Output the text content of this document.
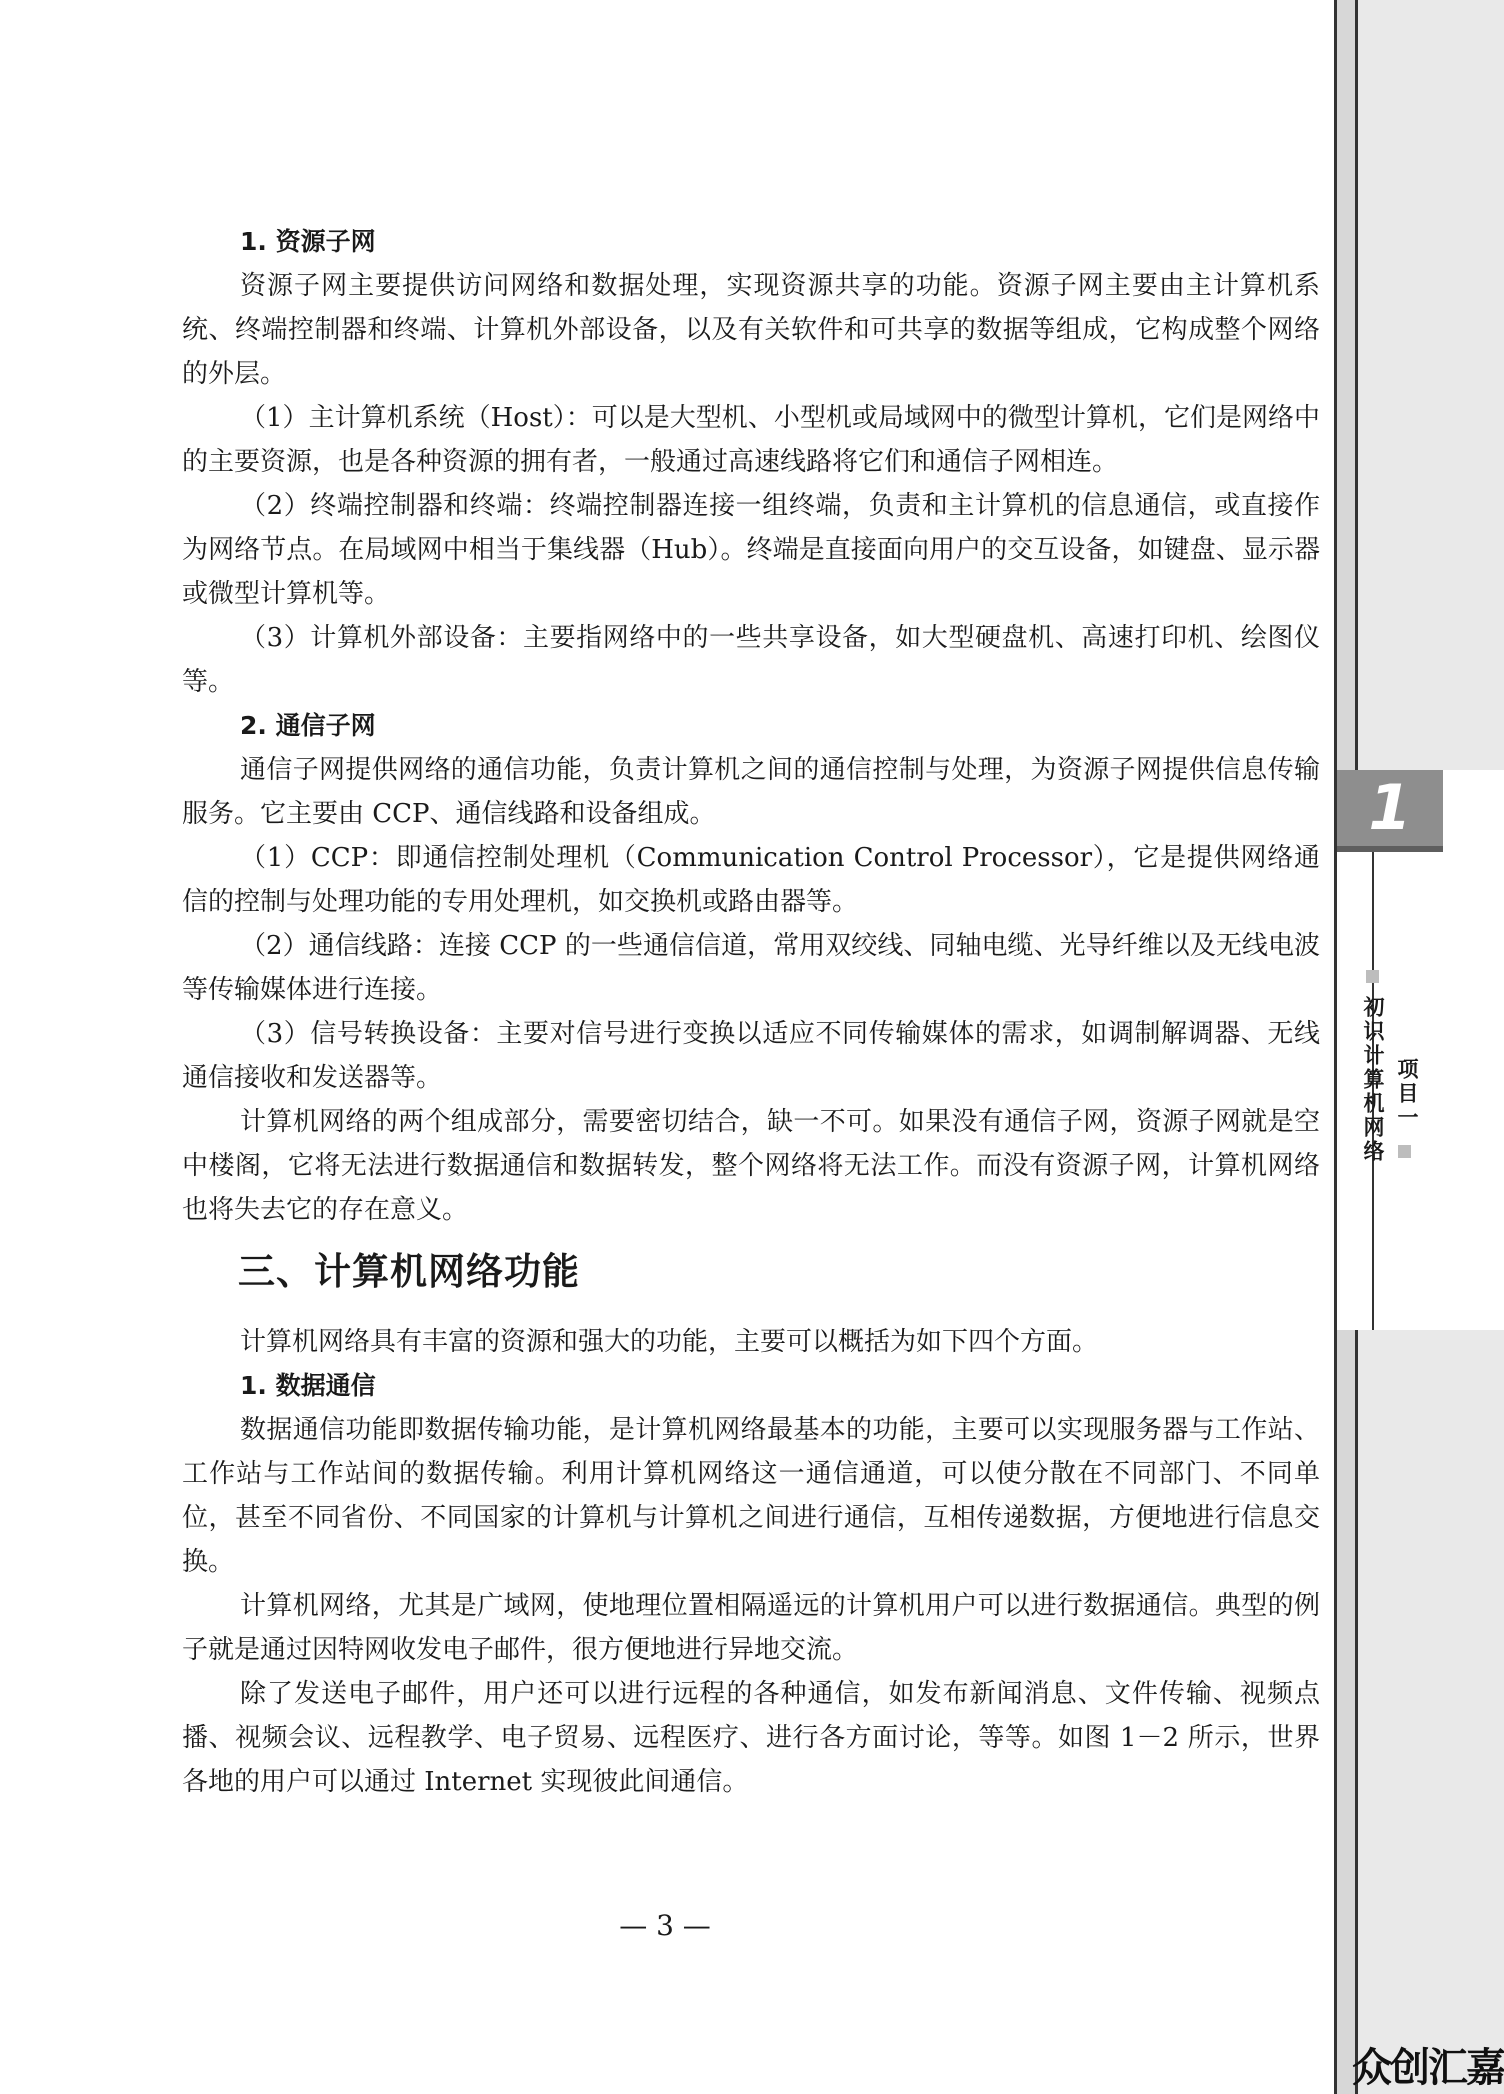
1. 资源子网

资源子网主要提供访问网络和数据处理，实现资源共享的功能。资源子网主要由主计算机系统、终端控制器和终端、计算机外部设备，以及有关软件和可共享的数据等组成，它构成整个网络的外层。

（1）主计算机系统（Host）：可以是大型机、小型机或局域网中的微型计算机，它们是网络中的主要资源，也是各种资源的拥有者，一般通过高速线路将它们和通信子网相连。

（2）终端控制器和终端：终端控制器连接一组终端，负责和主计算机的信息通信，或直接作为网络节点。在局域网中相当于集线器（Hub）。终端是直接面向用户的交互设备，如键盘、显示器或微型计算机等。

（3）计算机外部设备：主要指网络中的一些共享设备，如大型硬盘机、高速打印机、绘图仪等。

2. 通信子网

通信子网提供网络的通信功能，负责计算机之间的通信控制与处理，为资源子网提供信息传输服务。它主要由 CCP、通信线路和设备组成。

（1）CCP：即通信控制处理机（Communication Control Processor），它是提供网络通信的控制与处理功能的专用处理机，如交换机或路由器等。

（2）通信线路：连接 CCP 的一些通信信道，常用双绞线、同轴电缆、光导纤维以及无线电波等传输媒体进行连接。

（3）信号转换设备：主要对信号进行变换以适应不同传输媒体的需求，如调制解调器、无线通信接收和发送器等。

计算机网络的两个组成部分，需要密切结合，缺一不可。如果没有通信子网，资源子网就是空中楼阁，它将无法进行数据通信和数据转发，整个网络将无法工作。而没有资源子网，计算机网络也将失去它的存在意义。

三、计算机网络功能

计算机网络具有丰富的资源和强大的功能，主要可以概括为如下四个方面。

1. 数据通信

数据通信功能即数据传输功能，是计算机网络最基本的功能，主要可以实现服务器与工作站、工作站与工作站间的数据传输。利用计算机网络这一通信通道，可以使分散在不同部门、不同单位，甚至不同省份、不同国家的计算机与计算机之间进行通信，互相传递数据，方便地进行信息交换。

计算机网络，尤其是广域网，使地理位置相隔遥远的计算机用户可以进行数据通信。典型的例子就是通过因特网收发电子邮件，很方便地进行异地交流。

除了发送电子邮件，用户还可以进行远程的各种通信，如发布新闻消息、文件传输、视频点播、视频会议、远程教学、电子贸易、远程医疗、进行各方面讨论，等等。如图 1－2 所示，世界各地的用户可以通过 Internet 实现彼此间通信。

— 3 —
1
初识计算机网络 项目一
众创汇嘉
